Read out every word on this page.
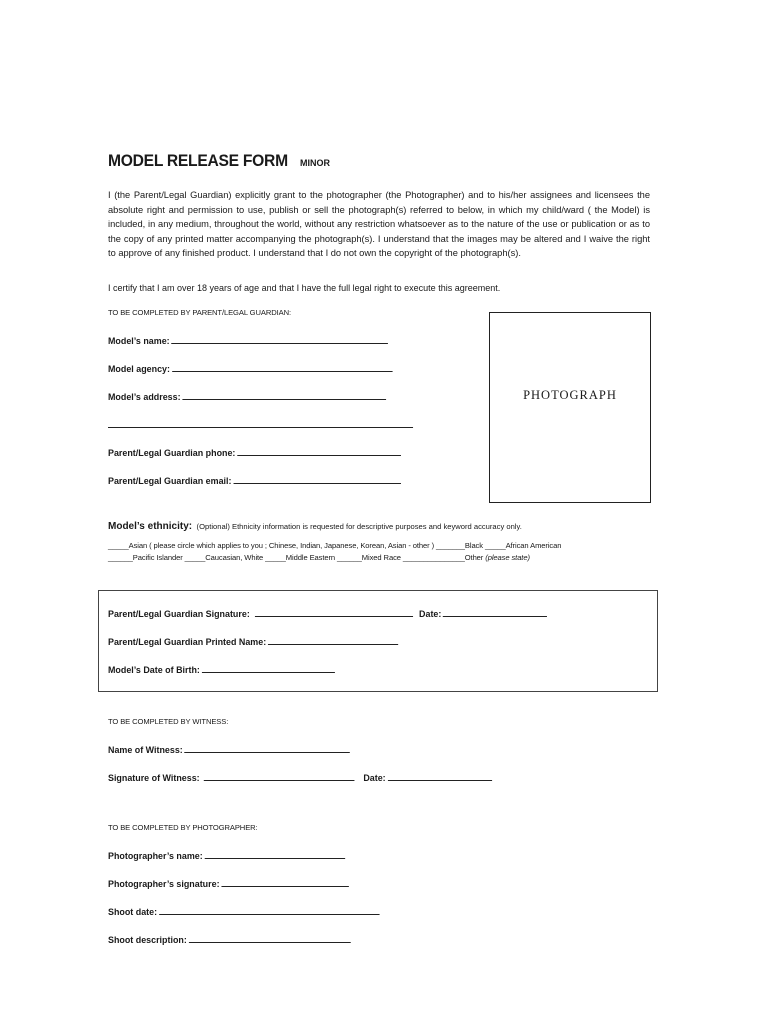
MODEL RELEASE FORM MINOR
I (the Parent/Legal Guardian) explicitly grant to the photographer (the Photographer) and to his/her assignees and licensees the absolute right and permission to use, publish or sell the photograph(s) referred to below, in which my child/ward ( the Model) is included, in any medium, throughout the world, without any restriction whatsoever as to the nature of the use or publication or as to the copy of any printed matter accompanying the photograph(s). I understand that the images may be altered and I waive the right to approve of any finished product. I understand that I do not own the copyright of the photograph(s).
I certify that I am over 18 years of age and that I have the full legal right to execute this agreement.
TO BE COMPLETED BY PARENT/LEGAL GUARDIAN:
Model’s name:
Model agency:
Model’s address:
Parent/Legal Guardian phone:
Parent/Legal Guardian email:
PHOTOGRAPH
Model’s ethnicity: (Optional) Ethnicity information is requested for descriptive purposes and keyword accuracy only.
_____Asian ( please circle which applies to you ; Chinese, Indian, Japanese, Korean, Asian - other ) _______Black _____African American
______Pacific Islander _____Caucasian, White _____Middle Eastern ______Mixed Race _______________Other (please state)
Parent/Legal Guardian Signature:	Date:
Parent/Legal Guardian Printed Name:
Model’s Date of Birth:
TO BE COMPLETED BY WITNESS:
Name of Witness:
Signature of Witness:	Date:
TO BE COMPLETED BY PHOTOGRAPHER:
Photographer’s name:
Photographer’s signature:
Shoot date:
Shoot description:
